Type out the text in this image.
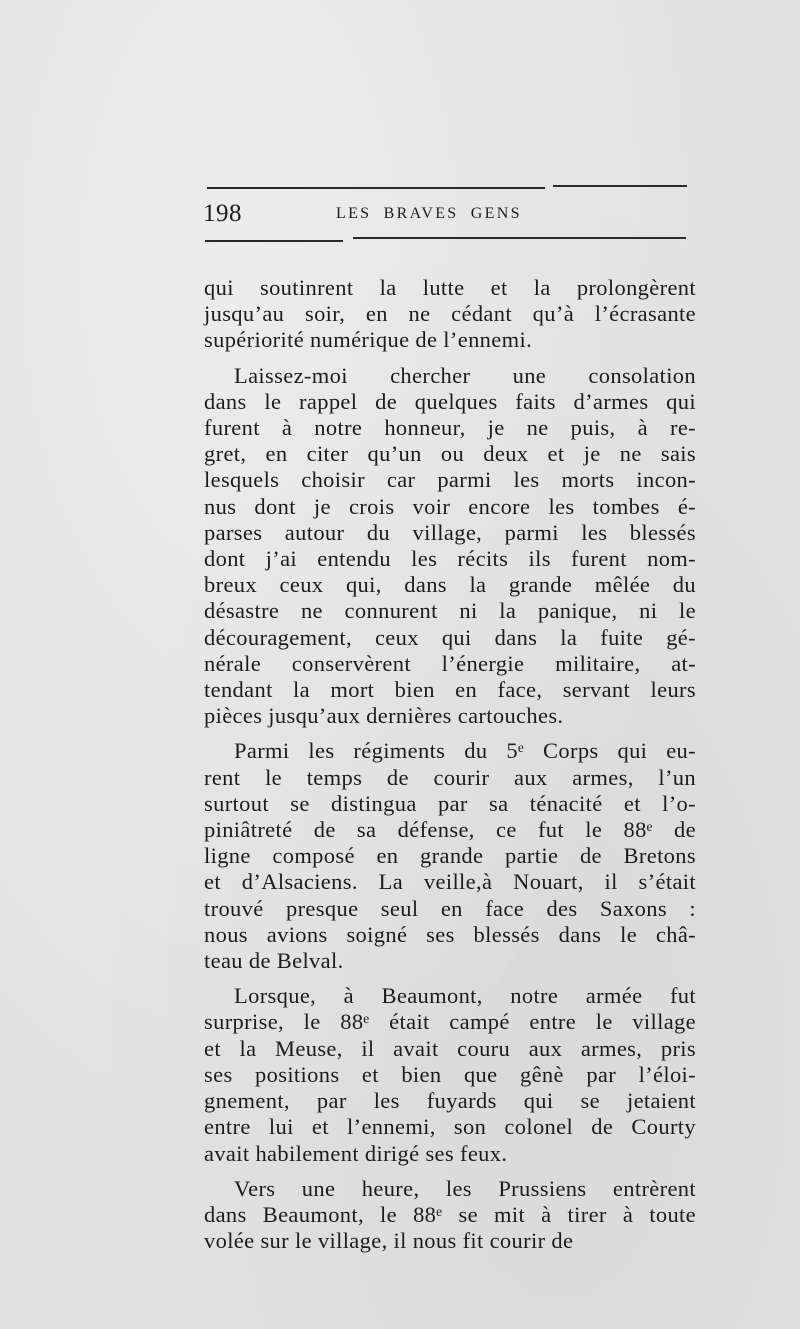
198	LES BRAVES GENS
qui soutinrent la lutte et la prolongèrent
jusqu’au soir, en ne cédant qu’à l’écrasante
supériorité numérique de l’ennemi.
Laissez-moi chercher une consolation
dans le rappel de quelques faits d’armes qui
furent à notre honneur, je ne puis, à re-
gret, en citer qu’un ou deux et je ne sais
lesquels choisir car parmi les morts incon-
nus dont je crois voir encore les tombes é-
parses autour du village, parmi les blessés
dont j’ai entendu les récits ils furent nom-
breux ceux qui, dans la grande mêlée du
désastre ne connurent ni la panique, ni le
découragement, ceux qui dans la fuite gé-
nérale conservèrent l’énergie militaire, at-
tendant la mort bien en face, servant leurs
pièces jusqu’aux dernières cartouches.
Parmi les régiments du 5ᵉ Corps qui eu-
rent le temps de courir aux armes, l’un
surtout se distingua par sa ténacité et l’o-
piniâtreté de sa défense, ce fut le 88ᵉ de
ligne composé en grande partie de Bretons
et d’Alsaciens. La veille,à Nouart, il s’était
trouvé presque seul en face des Saxons :
nous avions soigné ses blessés dans le châ-
teau de Belval.
Lorsque, à Beaumont, notre armée fut
surprise, le 88ᵉ était campé entre le village
et la Meuse, il avait couru aux armes, pris
ses positions et bien que gênè par l’éloi-
gnement, par les fuyards qui se jetaient
entre lui et l’ennemi, son colonel de Courty
avait habilement dirigé ses feux.
Vers une heure, les Prussiens entrèrent
dans Beaumont, le 88ᵉ se mit à tirer à toute
volée sur le village, il nous fit courir de
